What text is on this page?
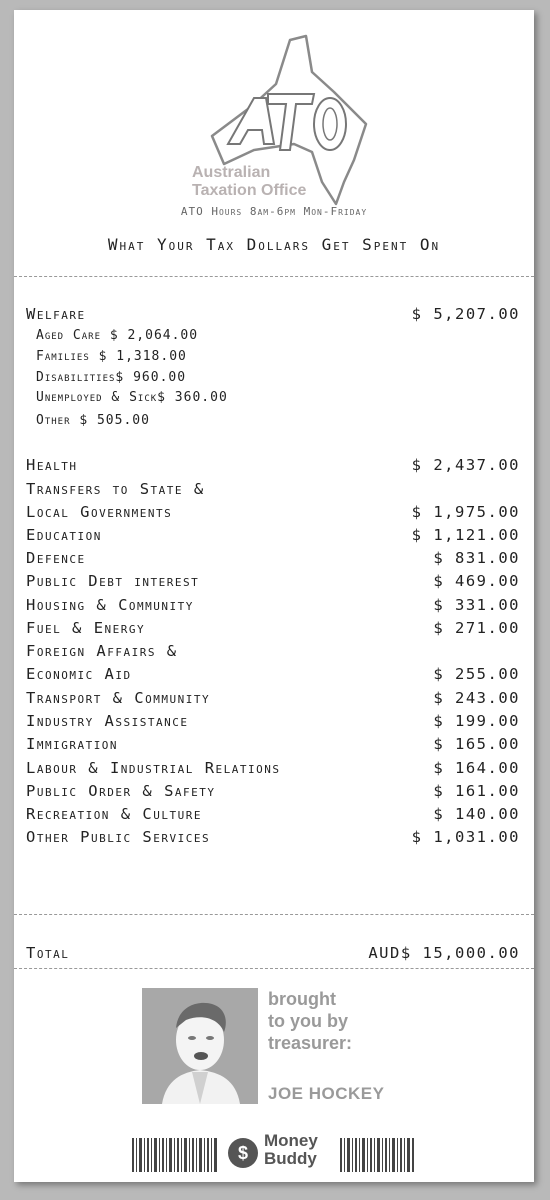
Australian
Taxation Office
ATO Hours 8am-6pm Mon-Friday
What Your Tax Dollars Get Spent On
Welfare	$ 5,207.00
Aged Care $ 2,064.00
Families $ 1,318.00
Disabilities$ 960.00
Unemployed & Sick$ 360.00
Other $ 505.00
Health	$ 2,437.00
Transfers to State &
Local Governments	$ 1,975.00
Education	$ 1,121.00
Defence	$ 831.00
Public Debt interest	$ 469.00
Housing & Community	$ 331.00
Fuel & Energy	$ 271.00
Foreign Affairs &
Economic Aid	$ 255.00
Transport & Community	$ 243.00
Industry Assistance	$ 199.00
Immigration	$ 165.00
Labour & Industrial Relations	$ 164.00
Public Order & Safety	$ 161.00
Recreation & Culture	$ 140.00
Other Public Services	$ 1,031.00
Total	AUD$ 15,000.00
brought
to you by
treasurer:
JOE HOCKEY
$
Money
Buddy
